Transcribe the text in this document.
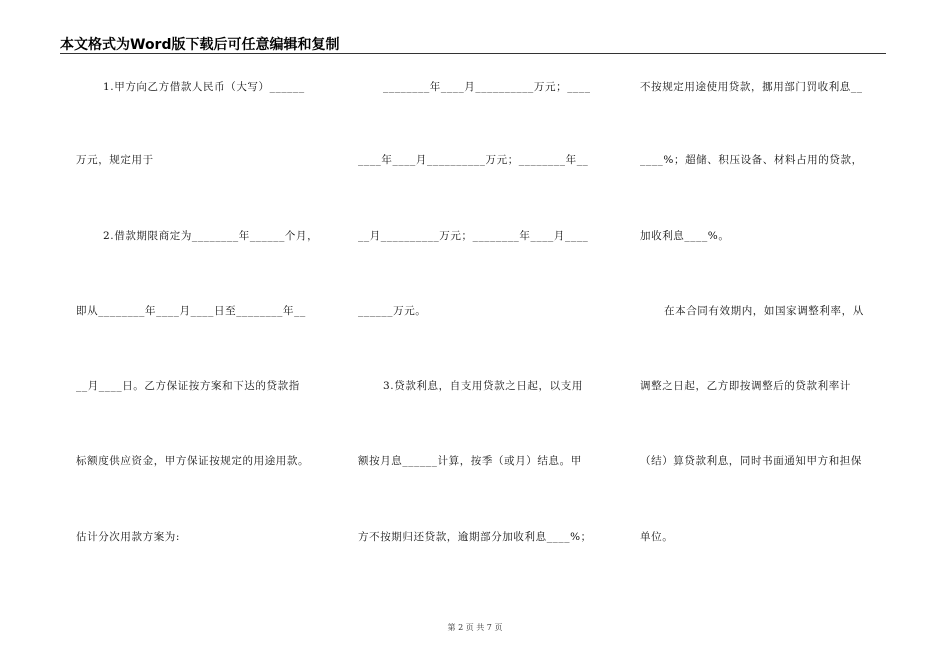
本文格式为Word版下载后可任意编辑和复制
1.甲方向乙方借款人民币（大写）______
万元，规定用于
2.借款期限商定为________年______个月，
即从________年____月____日至________年__
__月____日。乙方保证按方案和下达的贷款指
标额度供应资金，甲方保证按规定的用途用款。
估计分次用款方案为:
________年____月__________万元；____
____年____月__________万元；________年__
__月__________万元；________年____月____
______万元。
3.贷款利息，自支用贷款之日起，以支用
额按月息______计算，按季（或月）结息。甲
方不按期归还贷款，逾期部分加收利息____%；
不按规定用途使用贷款，挪用部门罚收利息__
____%；超储、积压设备、材料占用的贷款，
加收利息____%。
在本合同有效期内，如国家调整利率，从
调整之日起，乙方即按调整后的贷款利率计
（结）算贷款利息，同时书面通知甲方和担保
单位。
第 2 页 共 7 页
